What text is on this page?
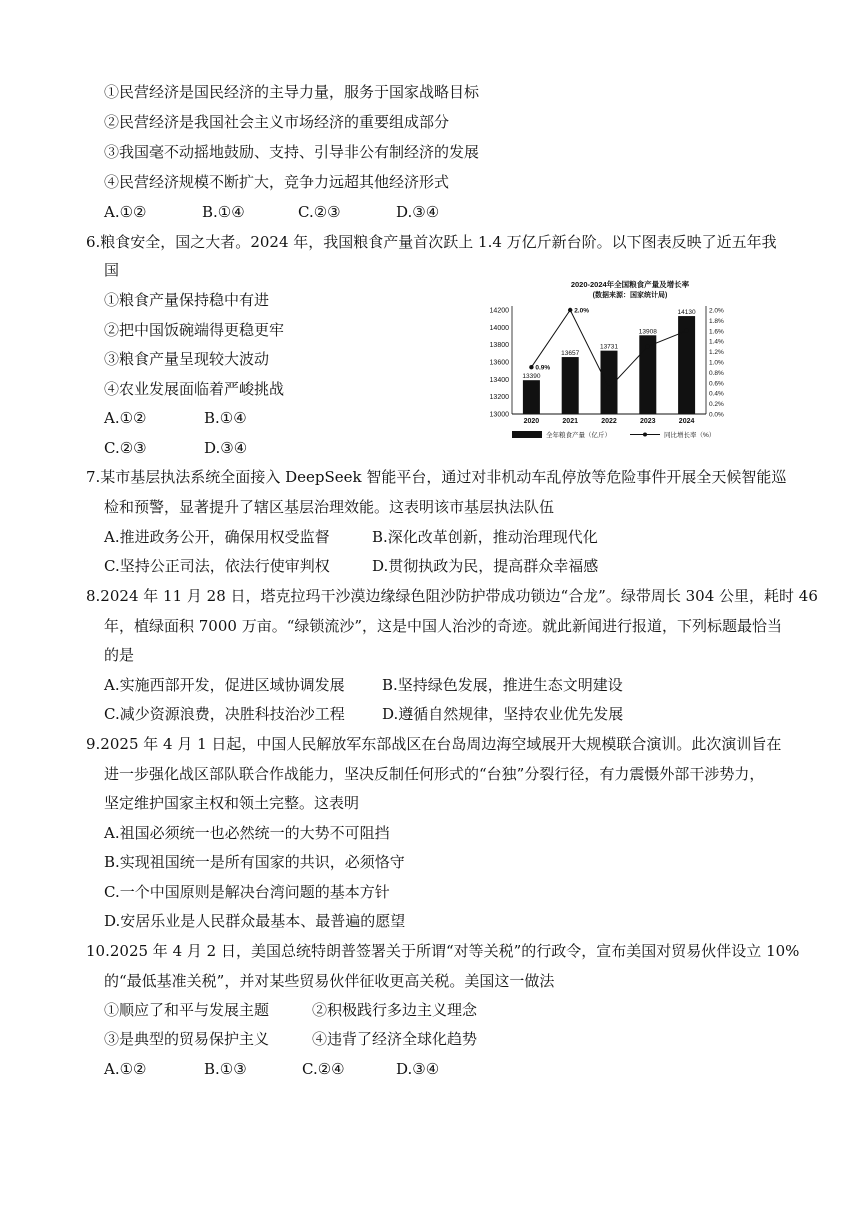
①民营经济是国民经济的主导力量，服务于国家战略目标
②民营经济是我国社会主义市场经济的重要组成部分
③我国毫不动摇地鼓励、支持、引导非公有制经济的发展
④民营经济规模不断扩大，竞争力远超其他经济形式
A.①②	B.①④	C.②③	D.③④
6.粮食安全，国之大者。2024 年，我国粮食产量首次跃上 1.4 万亿斤新台阶。以下图表反映了近五年我
国
①粮食产量保持稳中有进
②把中国饭碗端得更稳更牢
③粮食产量呈现较大波动
④农业发展面临着严峻挑战
A.①②	B.①④
C.②③	D.③④
2020-2024年全国粮食产量及增长率
(数据来源：国家统计局)
14200
14000
13800
13600
13400
13200
13000
2.0%
1.8%
1.6%
1.4%
1.2%
1.0%
0.8%
0.6%
0.4%
0.2%
0.0%
2020	2021	2022	2023	2024
13390
13657
13731
13908
14130
0.9%
2.0%
全年粮食产量（亿斤）	同比增长率（%）
7.某市基层执法系统全面接入 DeepSeek 智能平台，通过对非机动车乱停放等危险事件开展全天候智能巡
检和预警，显著提升了辖区基层治理效能。这表明该市基层执法队伍
A.推进政务公开，确保用权受监督	B.深化改革创新，推动治理现代化
C.坚持公正司法，依法行使审判权	D.贯彻执政为民，提高群众幸福感
8.2024 年 11 月 28 日，塔克拉玛干沙漠边缘绿色阻沙防护带成功锁边“合龙”。绿带周长 304 公里，耗时 46
年，植绿面积 7000 万亩。“绿锁流沙”，这是中国人治沙的奇迹。就此新闻进行报道，下列标题最恰当
的是
A.实施西部开发，促进区域协调发展 B.坚持绿色发展，推进生态文明建设
C.减少资源浪费，决胜科技治沙工程 D.遵循自然规律，坚持农业优先发展
9.2025 年 4 月 1 日起，中国人民解放军东部战区在台岛周边海空域展开大规模联合演训。此次演训旨在
进一步强化战区部队联合作战能力，坚决反制任何形式的“台独”分裂行径，有力震慑外部干涉势力，
坚定维护国家主权和领土完整。这表明
A.祖国必须统一也必然统一的大势不可阻挡
B.实现祖国统一是所有国家的共识，必须恪守
C.一个中国原则是解决台湾问题的基本方针
D.安居乐业是人民群众最基本、最普遍的愿望
10.2025 年 4 月 2 日，美国总统特朗普签署关于所谓“对等关税”的行政令，宣布美国对贸易伙伴设立 10%
的“最低基准关税”，并对某些贸易伙伴征收更高关税。美国这一做法
①顺应了和平与发展主题	②积极践行多边主义理念
③是典型的贸易保护主义	④违背了经济全球化趋势
A.①②	B.①③	C.②④	D.③④
